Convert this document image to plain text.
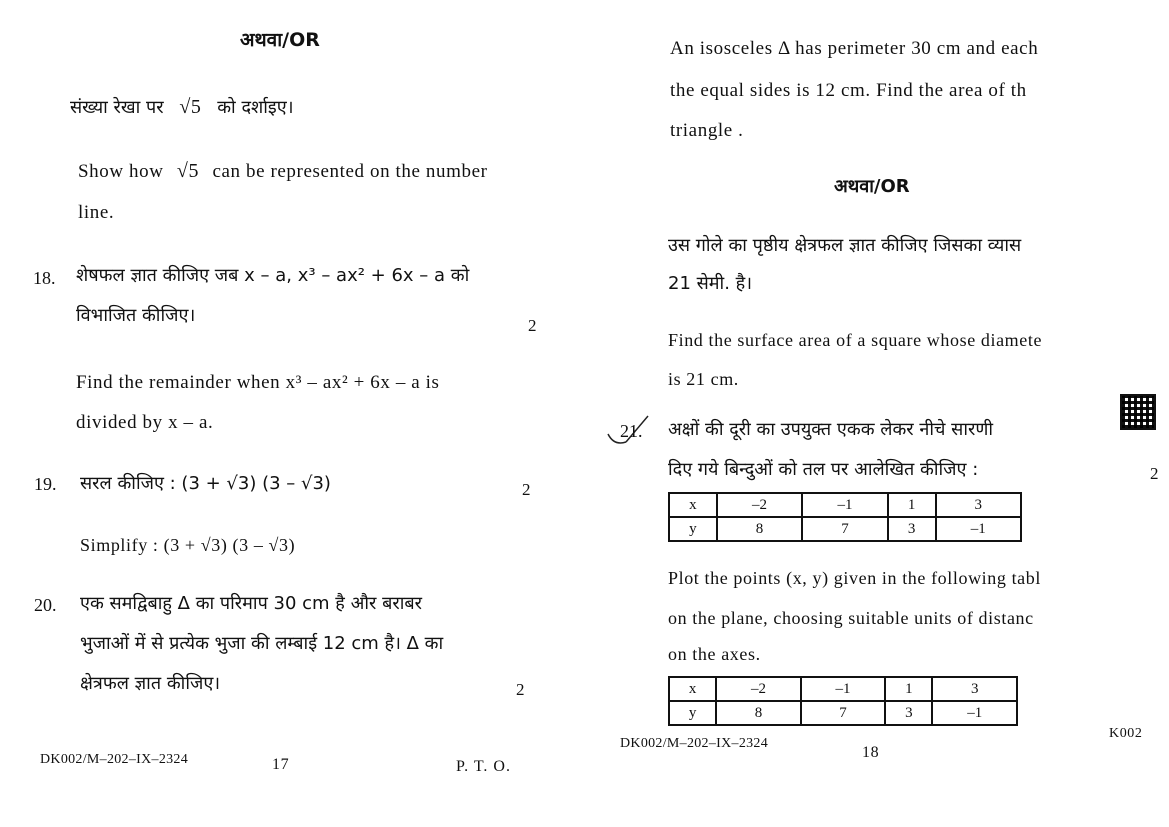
अथवा/OR
संख्या रेखा पर √5 को दर्शाइए।
Show how √5 can be represented on the number
line.
18. शेषफल ज्ञात कीजिए जब x – a, x³ – ax² + 6x – a को
विभाजित कीजिए।	2
Find the remainder when x³ – ax² + 6x – a is
divided by x – a.
19. सरल कीजिए : (3 + √3) (3 – √3)	2
Simplify : (3 + √3) (3 – √3)
20. एक समद्विबाहु Δ का परिमाप 30 cm है और बराबर
भुजाओं में से प्रत्येक भुजा की लम्बाई 12 cm है। Δ का
क्षेत्रफल ज्ञात कीजिए।	2
DK002/M–202–IX–2324	17	P. T. O.
An isosceles Δ has perimeter 30 cm and each
the equal sides is 12 cm. Find the area of th
triangle .
अथवा/OR
उस गोले का पृष्ठीय क्षेत्रफल ज्ञात कीजिए जिसका व्यास
21 सेमी. है।
Find the surface area of a square whose diamete
is 21 cm.
21. अक्षों की दूरी का उपयुक्त एकक लेकर नीचे सारणी
दिए गये बिन्दुओं को तल पर आलेखित कीजिए :	2
x	–2	–1	1	3
y	8	7	3	–1
Plot the points (x, y) given in the following tabl
on the plane, choosing suitable units of distanc
on the axes.
x	–2	–1	1	3
y	8	7	3	–1
DK002/M–202–IX–2324
18
K002
